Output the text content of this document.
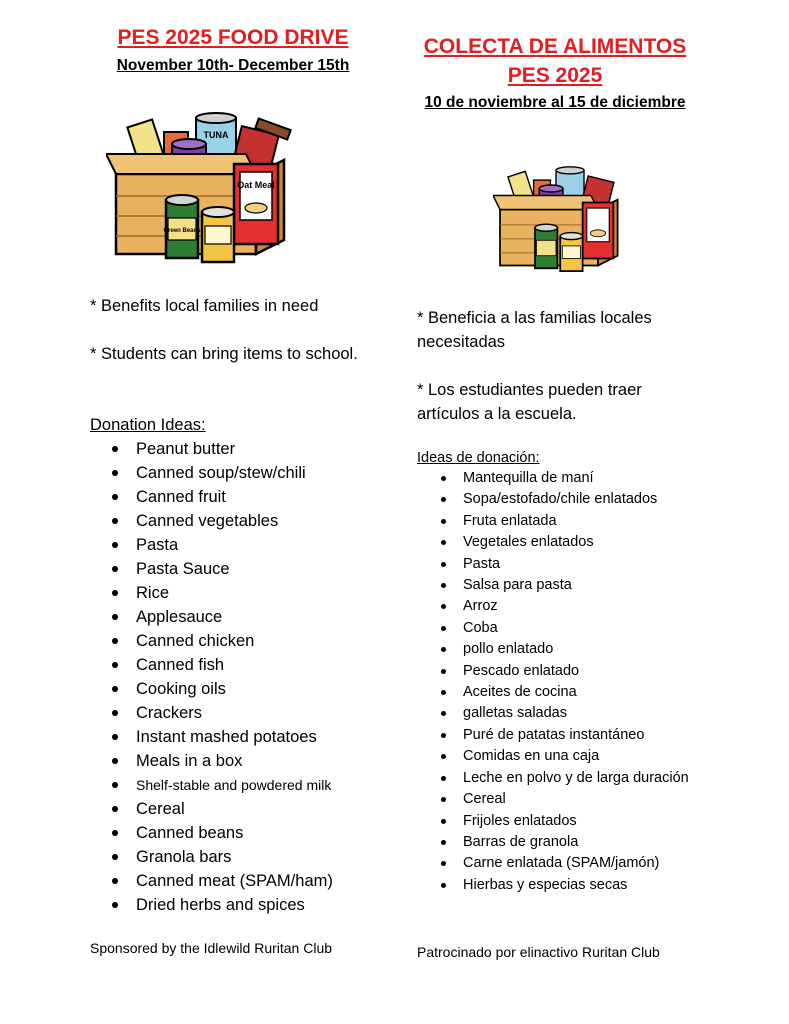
PES 2025 FOOD DRIVE

November 10th- December 15th

TUNA
Oat Meal
Green Beans

* Benefits local families in need

* Students can bring items to school.

Donation Ideas:

Peanut butter
Canned soup/stew/chili
Canned fruit
Canned vegetables
Pasta
Pasta Sauce
Rice
Applesauce
Canned chicken
Canned fish
Cooking oils
Crackers
Instant mashed potatoes
Meals in a box
Shelf-stable and powdered milk
Cereal
Canned beans
Granola bars
Canned meat (SPAM/ham)
Dried herbs and spices

Sponsored by the Idlewild Ruritan Club

COLECTA DE ALIMENTOS PES 2025

10 de noviembre al 15 de diciembre

* Beneficia a las familias locales necesitadas

* Los estudiantes pueden traer artículos a la escuela.

Ideas de donación:

Mantequilla de maní
Sopa/estofado/chile enlatados
Fruta enlatada
Vegetales enlatados
Pasta
Salsa para pasta
Arroz
Coba
pollo enlatado
Pescado enlatado
Aceites de cocina
galletas saladas
Puré de patatas instantáneo
Comidas en una caja
Leche en polvo y de larga duración
Cereal
Frijoles enlatados
Barras de granola
Carne enlatada (SPAM/jamón)
Hierbas y especias secas

Patrocinado por elinactivo Ruritan Club
